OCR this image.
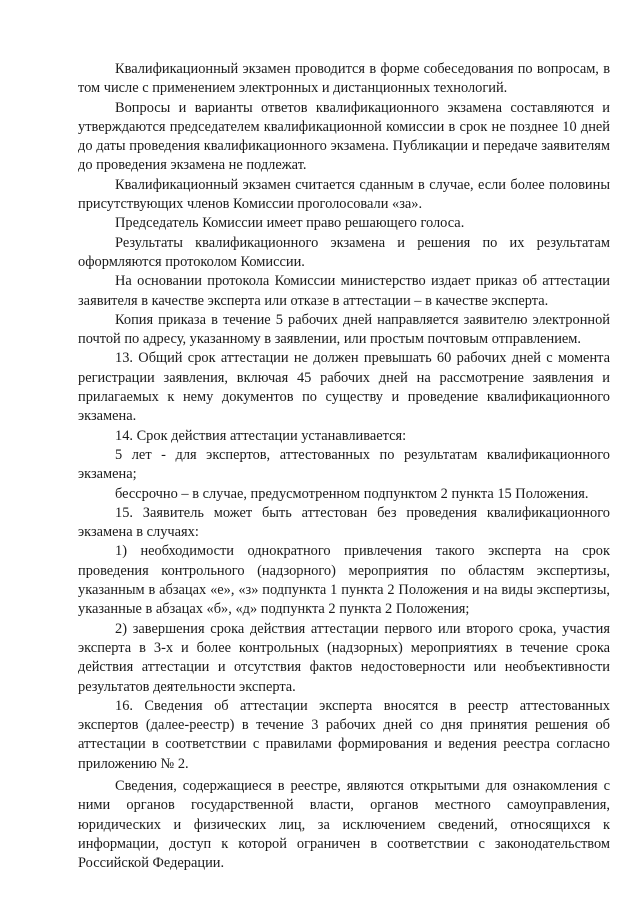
Квалификационный экзамен проводится в форме собеседования по вопросам, в том числе с применением электронных и дистанционных технологий.

Вопросы и варианты ответов квалификационного экзамена составляются и утверждаются председателем квалификационной комиссии в срок не позднее 10 дней до даты проведения квалификационного экзамена. Публикации и передаче заявителям до проведения экзамена не подлежат.

Квалификационный экзамен считается сданным в случае, если более половины присутствующих членов Комиссии проголосовали «за».

Председатель Комиссии имеет право решающего голоса.

Результаты квалификационного экзамена и решения по их результатам оформляются протоколом Комиссии.

На основании протокола Комиссии министерство издает приказ об аттестации заявителя в качестве эксперта или отказе в аттестации – в качестве эксперта.

Копия приказа в течение 5 рабочих дней направляется заявителю электронной почтой по адресу, указанному в заявлении, или простым почтовым отправлением.

13. Общий срок аттестации не должен превышать 60 рабочих дней с момента регистрации заявления, включая 45 рабочих дней на рассмотрение заявления и прилагаемых к нему документов по существу и проведение квалификационного экзамена.

14. Срок действия аттестации устанавливается:

5 лет - для экспертов, аттестованных по результатам квалификационного экзамена;

бессрочно – в случае, предусмотренном подпунктом 2 пункта 15 Положения.

15. Заявитель может быть аттестован без проведения квалификационного экзамена в случаях:

1) необходимости однократного привлечения такого эксперта на срок проведения контрольного (надзорного) мероприятия по областям экспертизы, указанным в абзацах «е», «з» подпункта 1 пункта 2 Положения и на виды экспертизы, указанные в абзацах «б», «д» подпункта 2 пункта 2 Положения;

2) завершения срока действия аттестации первого или второго срока, участия эксперта в 3-х и более контрольных (надзорных) мероприятиях в течение срока действия аттестации и отсутствия фактов недостоверности или необъективности результатов деятельности эксперта.

16. Сведения об аттестации эксперта вносятся в реестр аттестованных экспертов (далее-реестр) в течение 3 рабочих дней со дня принятия решения об аттестации в соответствии с правилами формирования и ведения реестра согласно приложению № 2.

Сведения, содержащиеся в реестре, являются открытыми для ознакомления с ними органов государственной власти, органов местного самоуправления, юридических и физических лиц, за исключением сведений, относящихся к информации, доступ к которой ограничен в соответствии с законодательством Российской Федерации.
